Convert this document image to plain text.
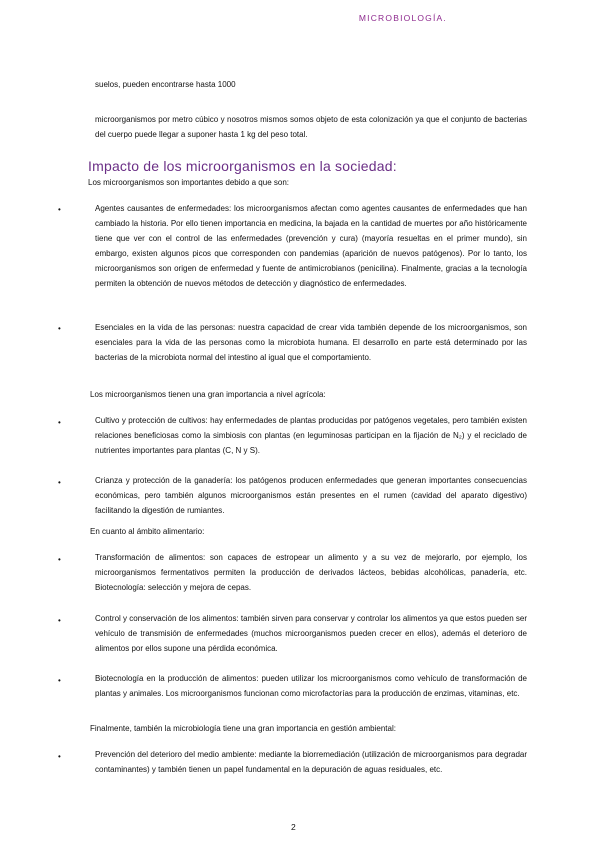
MICROBIOLOGÍA.
suelos, pueden encontrarse hasta 1000
microorganismos por metro cúbico y nosotros mismos somos objeto de esta colonización ya que el conjunto de bacterias del cuerpo puede llegar a suponer hasta 1 kg del peso total.
Impacto de los microorganismos en la sociedad:
Los microorganismos son importantes debido a que son:
•	Agentes causantes de enfermedades: los microorganismos afectan como agentes causantes de enfermedades que han cambiado la historia. Por ello tienen importancia en medicina, la bajada en la cantidad de muertes por año históricamente tiene que ver con el control de las enfermedades (prevención y cura) (mayoría resueltas en el primer mundo), sin embargo, existen algunos picos que corresponden con pandemias (aparición de nuevos patógenos). Por lo tanto, los microorganismos son origen de enfermedad y fuente de antimicrobianos (penicilina). Finalmente, gracias a la tecnología permiten la obtención de nuevos métodos de detección y diagnóstico de enfermedades.
•	Esenciales en la vida de las personas: nuestra capacidad de crear vida también depende de los microorganismos, son esenciales para la vida de las personas como la microbiota humana. El desarrollo en parte está determinado por las bacterias de la microbiota normal del intestino al igual que el comportamiento.
Los microorganismos tienen una gran importancia a nivel agrícola:
•	Cultivo y protección de cultivos: hay enfermedades de plantas producidas por patógenos vegetales, pero también existen relaciones beneficiosas como la simbiosis con plantas (en leguminosas participan en la fijación de N₂) y el reciclado de nutrientes importantes para plantas (C, N y S).
•	Crianza y protección de la ganadería: los patógenos producen enfermedades que generan importantes consecuencias económicas, pero también algunos microorganismos están presentes en el rumen (cavidad del aparato digestivo) facilitando la digestión de rumiantes.
En cuanto al ámbito alimentario:
•	Transformación de alimentos: son capaces de estropear un alimento y a su vez de mejorarlo, por ejemplo, los microorganismos fermentativos permiten la producción de derivados lácteos, bebidas alcohólicas, panadería, etc. Biotecnología: selección y mejora de cepas.
•	Control y conservación de los alimentos: también sirven para conservar y controlar los alimentos ya que estos pueden ser vehículo de transmisión de enfermedades (muchos microorganismos pueden crecer en ellos), además el deterioro de alimentos por ellos supone una pérdida económica.
•	Biotecnología en la producción de alimentos: pueden utilizar los microorganismos como vehículo de transformación de plantas y animales. Los microorganismos funcionan como microfactorías para la producción de enzimas, vitaminas, etc.
Finalmente, también la microbiología tiene una gran importancia en gestión ambiental:
•	Prevención del deterioro del medio ambiente: mediante la biorremediación (utilización de microorganismos para degradar contaminantes) y también tienen un papel fundamental en la depuración de aguas residuales, etc.
2
